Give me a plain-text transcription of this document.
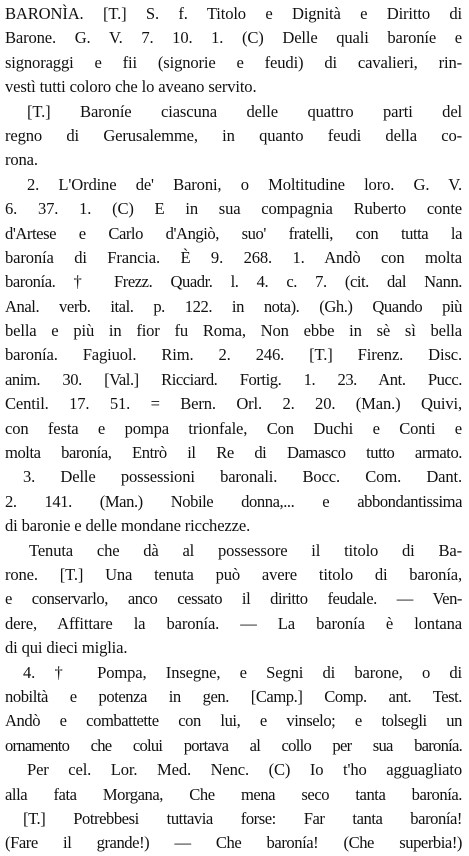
BARONÌA. [T.] S. f. Titolo e Dignità e Diritto di
Barone. G. V. 7. 10. 1. (C) Delle quali baroníe e
signoraggi e fii (signorie e feudi) di cavalieri, rin-
vestì tutti coloro che lo aveano servito.
[T.] Baroníe ciascuna delle quattro parti del
regno di Gerusalemme, in quanto feudi della co-
rona.
2. L'Ordine de' Baroni, o Moltitudine loro. G. V.
6. 37. 1. (C) E in sua compagnia Ruberto conte
d'Artese e Carlo d'Angiò, suo' fratelli, con tutta la
baronía di Francia. È 9. 268. 1. Andò con molta
baronía. † Frezz. Quadr. l. 4. c. 7. (cit. dal Nann.
Anal. verb. ital. p. 122. in nota). (Gh.) Quando più
bella e più in fior fu Roma, Non ebbe in sè sì bella
baronía. Fagiuol. Rim. 2. 246. [T.] Firenz. Disc.
anim. 30. [Val.] Ricciard. Fortig. 1. 23. Ant. Pucc.
Centil. 17. 51. = Bern. Orl. 2. 20. (Man.) Quivi,
con festa e pompa trionfale, Con Duchi e Conti e
molta baronía, Entrò il Re di Damasco tutto armato.
3. Delle possessioni baronali. Bocc. Com. Dant.
2. 141. (Man.) Nobile donna,... e abbondantissima
di baronie e delle mondane ricchezze.
Tenuta che dà al possessore il titolo di Ba-
rone. [T.] Una tenuta può avere titolo di baronía,
e conservarlo, anco cessato il diritto feudale. — Ven-
dere, Affittare la baronía. — La baronía è lontana
di qui dieci miglia.
4. † Pompa, Insegne, e Segni di barone, o di
nobiltà e potenza in gen. [Camp.] Comp. ant. Test.
Andò e combattette con lui, e vinselo; e tolsegli un
ornamento che colui portava al collo per sua baronía.
Per cel. Lor. Med. Nenc. (C) Io t'ho agguagliato
alla fata Morgana, Che mena seco tanta baronía.
[T.] Potrebbesi tuttavia forse: Far tanta baronía!
(Fare il grande!) — Che baronía! (Che superbia!)
